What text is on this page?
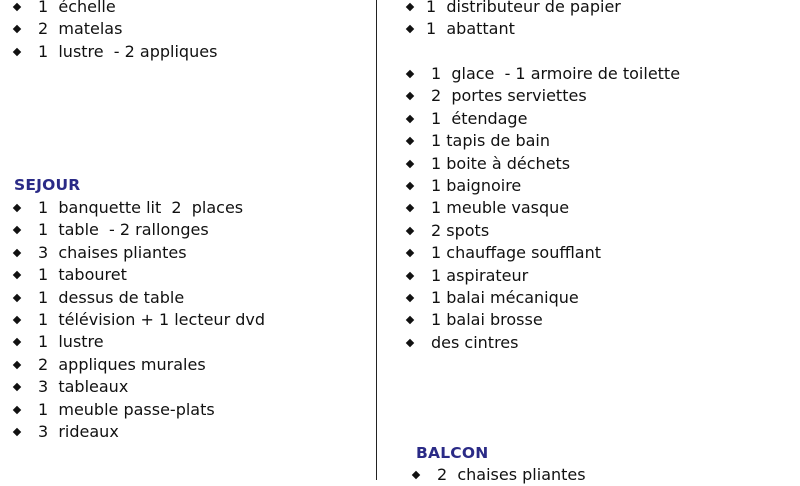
1  échelle
2  matelas
1  lustre  - 2 appliques
SEJOUR
1  banquette lit  2  places
1  table  - 2 rallonges
3  chaises pliantes
1  tabouret
1  dessus de table
1  télévision + 1 lecteur dvd
1  lustre
2  appliques murales
3  tableaux
1  meuble passe-plats
3  rideaux
1  distributeur de papier
1  abattant
1  glace  - 1 armoire de toilette
2  portes serviettes
1  étendage
1 tapis de bain
1 boite à déchets
1 baignoire
1 meuble vasque
2 spots
1 chauffage soufflant
1 aspirateur
1 balai mécanique
1 balai brosse
des cintres
BALCON
2  chaises pliantes
